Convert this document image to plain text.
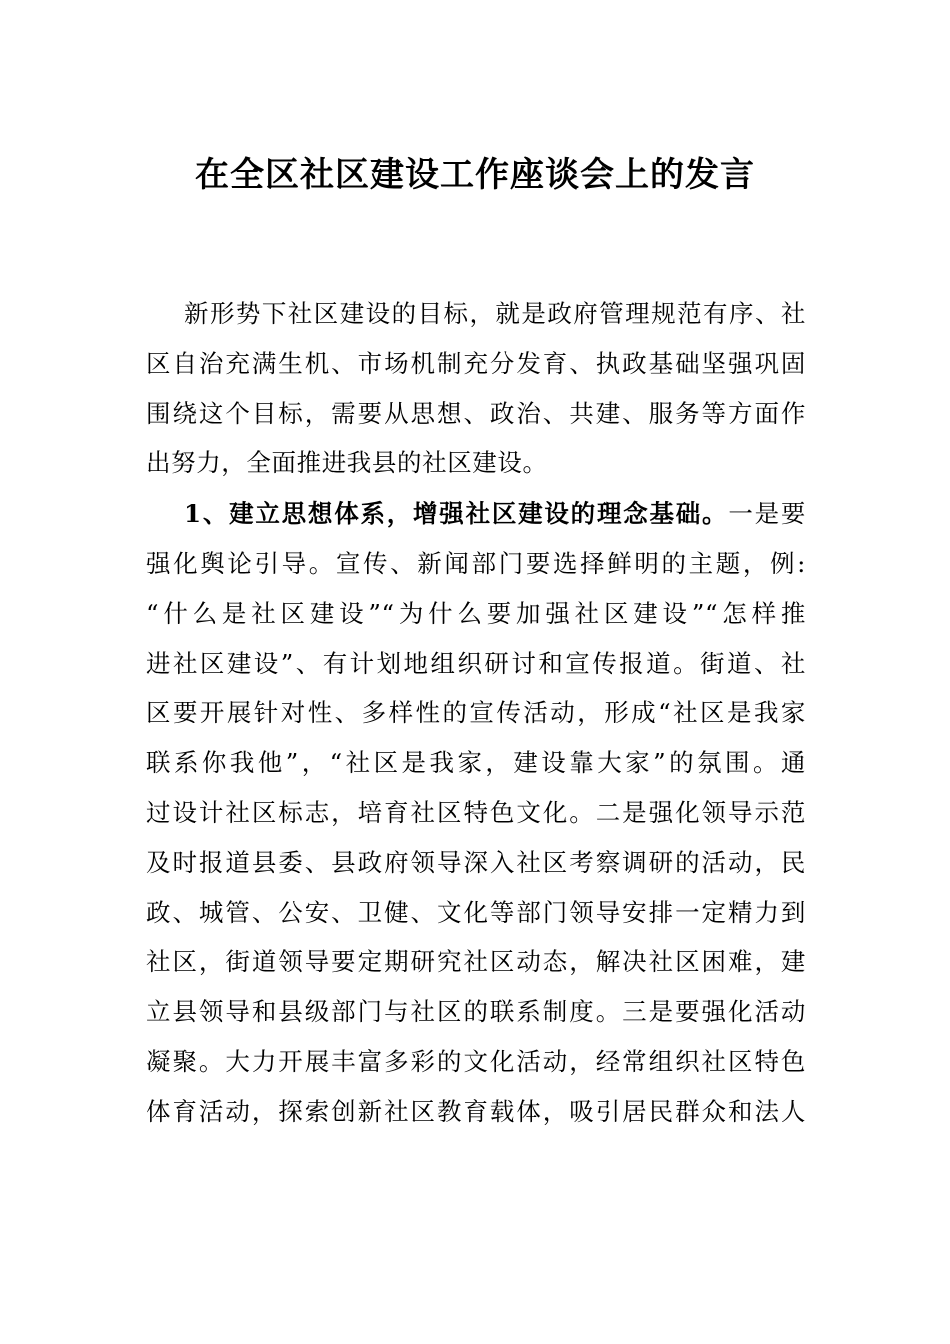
在全区社区建设工作座谈会上的发言
新形势下社区建设的目标，就是政府管理规范有序、社
区自治充满生机、市场机制充分发育、执政基础坚强巩固
围绕这个目标，需要从思想、政治、共建、服务等方面作
出努力，全面推进我县的社区建设。
1、建立思想体系，增强社区建设的理念基础。一是要
强化舆论引导。宣传、新闻部门要选择鲜明的主题，例:
“什么是社区建设”“为什么要加强社区建设”“怎样推
进社区建设”、有计划地组织研讨和宣传报道。街道、社
区要开展针对性、多样性的宣传活动，形成“社区是我家
联系你我他”，“社区是我家，建设靠大家”的氛围。通
过设计社区标志，培育社区特色文化。二是强化领导示范
及时报道县委、县政府领导深入社区考察调研的活动，民
政、城管、公安、卫健、文化等部门领导安排一定精力到
社区，街道领导要定期研究社区动态，解决社区困难，建
立县领导和县级部门与社区的联系制度。三是要强化活动
凝聚。大力开展丰富多彩的文化活动，经常组织社区特色
体育活动，探索创新社区教育载体，吸引居民群众和法人
